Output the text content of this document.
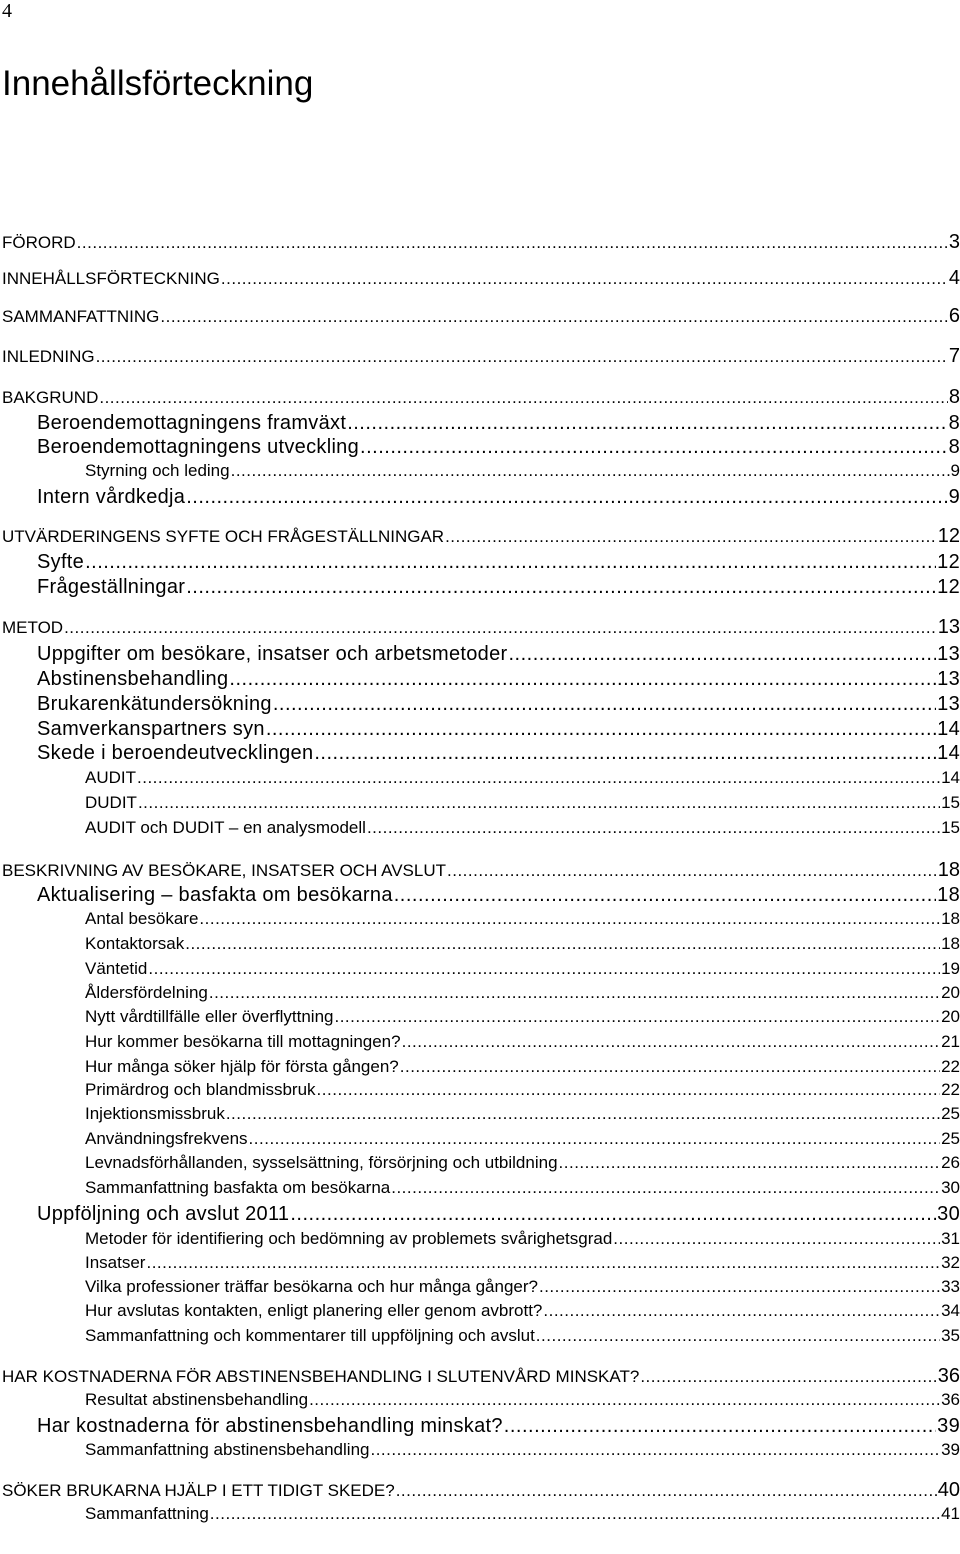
4
Innehållsförteckning
FÖRORD .....	3
INNEHÅLLSFÖRTECKNING .....	4
SAMMANFATTNING .....	6
INLEDNING .....	7
BAKGRUND .....	8
Beroendemottagningens framväxt .....	8
Beroendemottagningens utveckling .....	8
Styrning och leding .....	9
Intern vårdkedja .....	9
UTVÄRDERINGENS SYFTE OCH FRÅGESTÄLLNINGAR .....	12
Syfte .....	12
Frågeställningar .....	12
METOD .....	13
Uppgifter om besökare, insatser och arbetsmetoder .....	13
Abstinensbehandling .....	13
Brukarenkätundersökning .....	13
Samverkanspartners syn .....	14
Skede i beroendeutvecklingen .....	14
AUDIT .....	14
DUDIT .....	15
AUDIT och DUDIT – en analysmodell .....	15
BESKRIVNING AV BESÖKARE, INSATSER OCH AVSLUT .....	18
Aktualisering – basfakta om besökarna .....	18
Antal besökare .....	18
Kontaktorsak .....	18
Väntetid .....	19
Åldersfördelning .....	20
Nytt vårdtillfälle eller överflyttning .....	20
Hur kommer besökarna till mottagningen? .....	21
Hur många söker hjälp för första gången? .....	22
Primärdrog och blandmissbruk .....	22
Injektionsmissbruk .....	25
Användningsfrekvens .....	25
Levnadsförhållanden, sysselsättning, försörjning och utbildning .....	26
Sammanfattning basfakta om besökarna .....	30
Uppföljning och avslut 2011 .....	30
Metoder för identifiering och bedömning av problemets svårighetsgrad .....	31
Insatser .....	32
Vilka professioner träffar besökarna och hur många gånger? .....	33
Hur avslutas kontakten, enligt planering eller genom avbrott? .....	34
Sammanfattning och kommentarer till uppföljning och avslut .....	35
HAR KOSTNADERNA FÖR ABSTINENSBEHANDLING I SLUTENVÅRD MINSKAT? .....	36
Resultat abstinensbehandling .....	36
Har kostnaderna för abstinensbehandling minskat? .....	39
Sammanfattning abstinensbehandling .....	39
SÖKER BRUKARNA HJÄLP I ETT TIDIGT SKEDE? .....	40
Sammanfattning .....	41
